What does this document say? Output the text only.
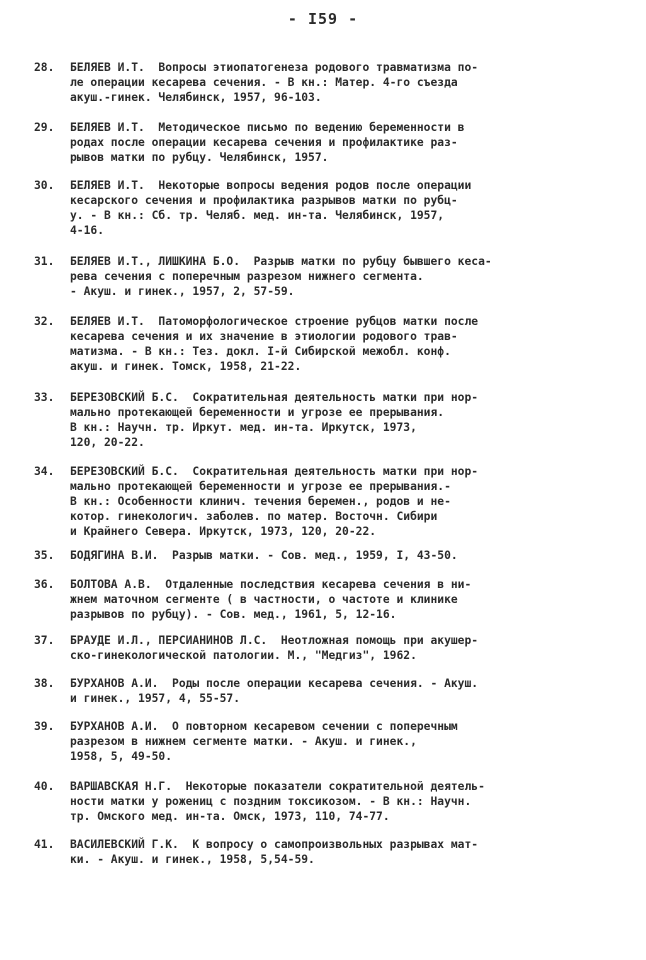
- I59 -
28.	БЕЛЯЕВ И.Т.  Вопросы этиопатогенеза родового травматизма по-
ле операции кесарева сечения. - В кн.: Матер. 4-го съезда
акуш.-гинек. Челябинск, 1957, 96-103.
29.	БЕЛЯЕВ И.Т.  Методическое письмо по ведению беременности в
родах после операции кесарева сечения и профилактике раз-
рывов матки по рубцу. Челябинск, 1957.
30.	БЕЛЯЕВ И.Т.  Некоторые вопросы ведения родов после операции
кесарского сечения и профилактика разрывов матки по рубц-
у. - В кн.: Сб. тр. Челяб. мед. ин-та. Челябинск, 1957,
4-16.
31.	БЕЛЯЕВ И.Т., ЛИШКИНА Б.О.  Разрыв матки по рубцу бывшего кеса-
рева сечения с поперечным разрезом нижнего сегмента.
- Акуш. и гинек., 1957, 2, 57-59.
32.	БЕЛЯЕВ И.Т.  Патоморфологическое строение рубцов матки после
кесарева сечения и их значение в этиологии родового трав-
матизма. - В кн.: Тез. докл. I-й Сибирской межобл. конф.
акуш. и гинек. Томск, 1958, 21-22.
33.	БЕРЕЗОВСКИЙ Б.С.  Сократительная деятельность матки при нор-
мально протекающей беременности и угрозе ее прерывания.
В кн.: Научн. тр. Иркут. мед. ин-та. Иркутск, 1973,
120, 20-22.
34.	БЕРЕЗОВСКИЙ Б.С.  Сократительная деятельность матки при нор-
мально протекающей беременности и угрозе ее прерывания.-
В кн.: Особенности клинич. течения беремен., родов и не-
котор. гинекологич. заболев. по матер. Восточн. Сибири
и Крайнего Севера. Иркутск, 1973, 120, 20-22.
35.	БОДЯГИНА В.И.  Разрыв матки. - Сов. мед., 1959, I, 43-50.
36.	БОЛТОВА А.В.  Отдаленные последствия кесарева сечения в ни-
жнем маточном сегменте ( в частности, о частоте и клинике
разрывов по рубцу). - Сов. мед., 1961, 5, 12-16.
37.	БРАУДЕ И.Л., ПЕРСИАНИНОВ Л.С.  Неотложная помощь при акушер-
ско-гинекологической патологии. М., "Медгиз", 1962.
38.	БУРХАНОВ А.И.  Роды после операции кесарева сечения. - Акуш.
и гинек., 1957, 4, 55-57.
39.	БУРХАНОВ А.И.  О повторном кесаревом сечении с поперечным
разрезом в нижнем сегменте матки. - Акуш. и гинек.,
1958, 5, 49-50.
40.	ВАРШАВСКАЯ Н.Г.  Некоторые показатели сократительной деятель-
ности матки у рожениц с поздним токсикозом. - В кн.: Научн.
тр. Омского мед. ин-та. Омск, 1973, 110, 74-77.
41.	ВАСИЛЕВСКИЙ Г.К.  К вопросу о самопроизвольных разрывах мат-
ки. - Акуш. и гинек., 1958, 5,54-59.
